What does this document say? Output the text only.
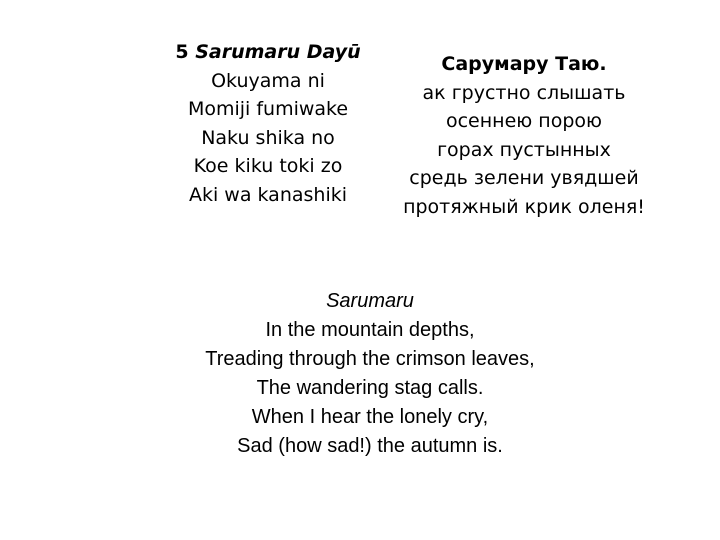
5 Sarumaru Dayū
Okuyama ni
Momiji fumiwake
Naku shika no
Koe kiku toki zo
Aki wa kanashiki
Сарумару Таю.
ак грустно слышать
осеннею порою
горах пустынных
средь зелени увядшей
протяжный крик оленя!
Sarumaru
In the mountain depths,
Treading through the crimson leaves,
The wandering stag calls.
When I hear the lonely cry,
Sad (how sad!) the autumn is.
